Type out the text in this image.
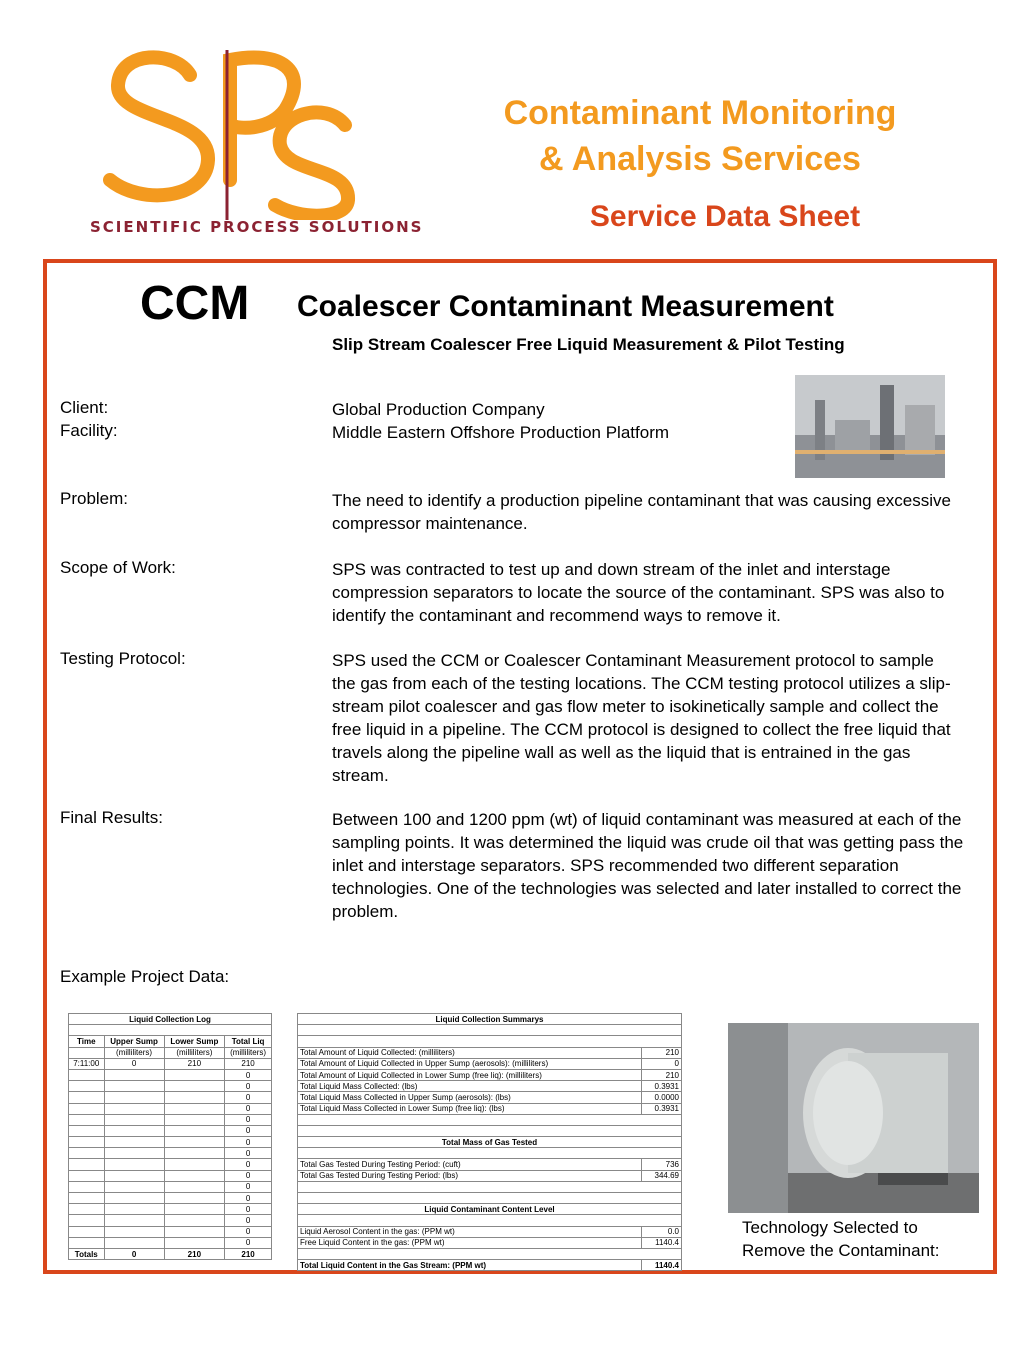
SCIENTIFIC PROCESS SOLUTIONS
Contaminant Monitoring
& Analysis Services
Service Data Sheet
CCM Coalescer Contaminant Measurement
Slip Stream Coalescer Free Liquid Measurement & Pilot Testing
Client:	Global Production Company
Facility:	Middle Eastern Offshore Production Platform
Problem:	The need to identify a production pipeline contaminant that was causing excessive compressor maintenance.
Scope of Work:	SPS was contracted to test up and down stream of the inlet and interstage compression separators to locate the source of the contaminant. SPS was also to identify the contaminant and recommend ways to remove it.
Testing Protocol:	SPS used the CCM or Coalescer Contaminant Measurement protocol to sample the gas from each of the testing locations. The CCM testing protocol utilizes a slip-stream pilot coalescer and gas flow meter to isokinetically sample and collect the free liquid in a pipeline. The CCM protocol is designed to collect the free liquid that travels along the pipeline wall as well as the liquid that is entrained in the gas stream.
Final Results:	Between 100 and 1200 ppm (wt) of liquid contaminant was measured at each of the sampling points. It was determined the liquid was crude oil that was getting pass the inlet and interstage separators. SPS recommended two different separation technologies. One of the technologies was selected and later installed to correct the problem.
Example Project Data:
Liquid Collection Log			

Time	Upper Sump	Lower Sump	Total Liq
	(milliliters)	(milliliters)	(milliliters)
7:11:00	0	210	210
			0
			0
			0
			0
			0
			0
			0
			0
			0
			0
			0
			0
			0
			0
			0
			0
Totals	0	210	210
Liquid Collection Summarys	

Total Amount of Liquid Collected: (milliliters)	210
Total Amount of Liquid Collected in Upper Sump (aerosols): (milliliters)	0
Total Amount of Liquid Collected in Lower Sump (free liq): (milliliters)	210
Total Liquid Mass Collected: (lbs)	0.3931
Total Liquid Mass Collected in Upper Sump (aerosols): (lbs)	0.0000
Total Liquid Mass Collected in Lower Sump (free liq): (lbs)	0.3931

Total Mass of Gas Tested	

Total Gas Tested During Testing Period: (cuft)	736
Total Gas Tested During Testing Period: (lbs)	344.69

Liquid Contaminant Content Level	

Liquid Aerosol Content in the gas: (PPM wt)	0.0
Free Liquid Content in the gas: (PPM wt)	1140.4

Total Liquid Content in the Gas Stream: (PPM wt)	1140.4
Technology Selected to
Remove the Contaminant:
